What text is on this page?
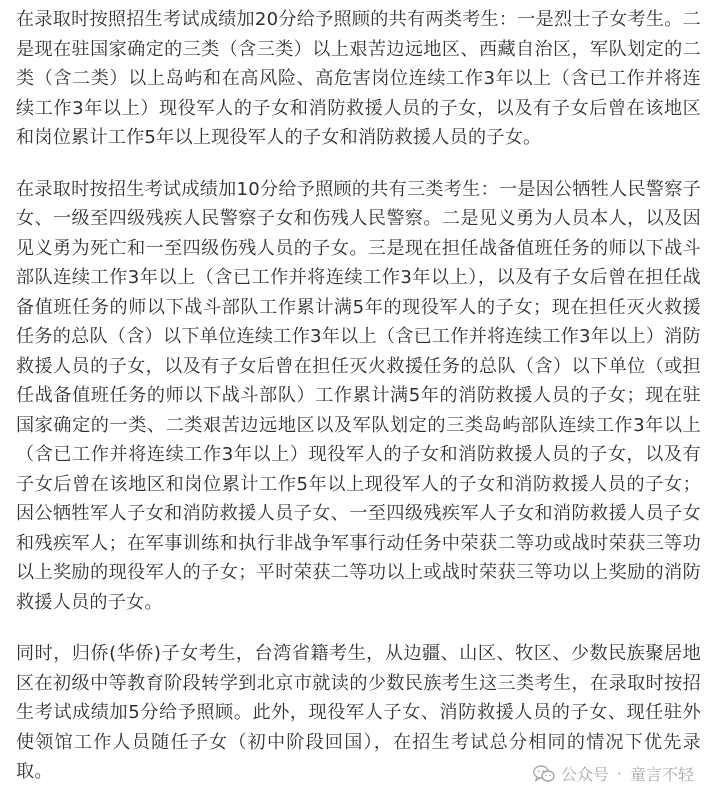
在录取时按照招生考试成绩加20分给予照顾的共有两类考生：一是烈士子女考生。二是现在驻国家确定的三类（含三类）以上艰苦边远地区、西藏自治区，军队划定的二类（含二类）以上岛屿和在高风险、高危害岗位连续工作3年以上（含已工作并将连续工作3年以上）现役军人的子女和消防救援人员的子女，以及有子女后曾在该地区和岗位累计工作5年以上现役军人的子女和消防救援人员的子女。

在录取时按招生考试成绩加10分给予照顾的共有三类考生：一是因公牺牲人民警察子女、一级至四级残疾人民警察子女和伤残人民警察。二是见义勇为人员本人，以及因见义勇为死亡和一至四级伤残人员的子女。三是现在担任战备值班任务的师以下战斗部队连续工作3年以上（含已工作并将连续工作3年以上），以及有子女后曾在担任战备值班任务的师以下战斗部队工作累计满5年的现役军人的子女；现在担任灭火救援任务的总队（含）以下单位连续工作3年以上（含已工作并将连续工作3年以上）消防救援人员的子女，以及有子女后曾在担任灭火救援任务的总队（含）以下单位（或担任战备值班任务的师以下战斗部队）工作累计满5年的消防救援人员的子女；现在驻国家确定的一类、二类艰苦边远地区以及军队划定的三类岛屿部队连续工作3年以上（含已工作并将连续工作3年以上）现役军人的子女和消防救援人员的子女，以及有子女后曾在该地区和岗位累计工作5年以上现役军人的子女和消防救援人员的子女；因公牺牲军人子女和消防救援人员子女、一至四级残疾军人子女和消防救援人员子女和残疾军人；在军事训练和执行非战争军事行动任务中荣获二等功或战时荣获三等功以上奖励的现役军人的子女；平时荣获二等功以上或战时荣获三等功以上奖励的消防救援人员的子女。

同时，归侨(华侨)子女考生，台湾省籍考生，从边疆、山区、牧区、少数民族聚居地区在初级中等教育阶段转学到北京市就读的少数民族考生这三类考生，在录取时按招生考试成绩加5分给予照顾。此外，现役军人子女、消防救援人员的子女、现任驻外使领馆工作人员随任子女（初中阶段回国），在招生考试总分相同的情况下优先录取。	公众号 · 童言不轻
